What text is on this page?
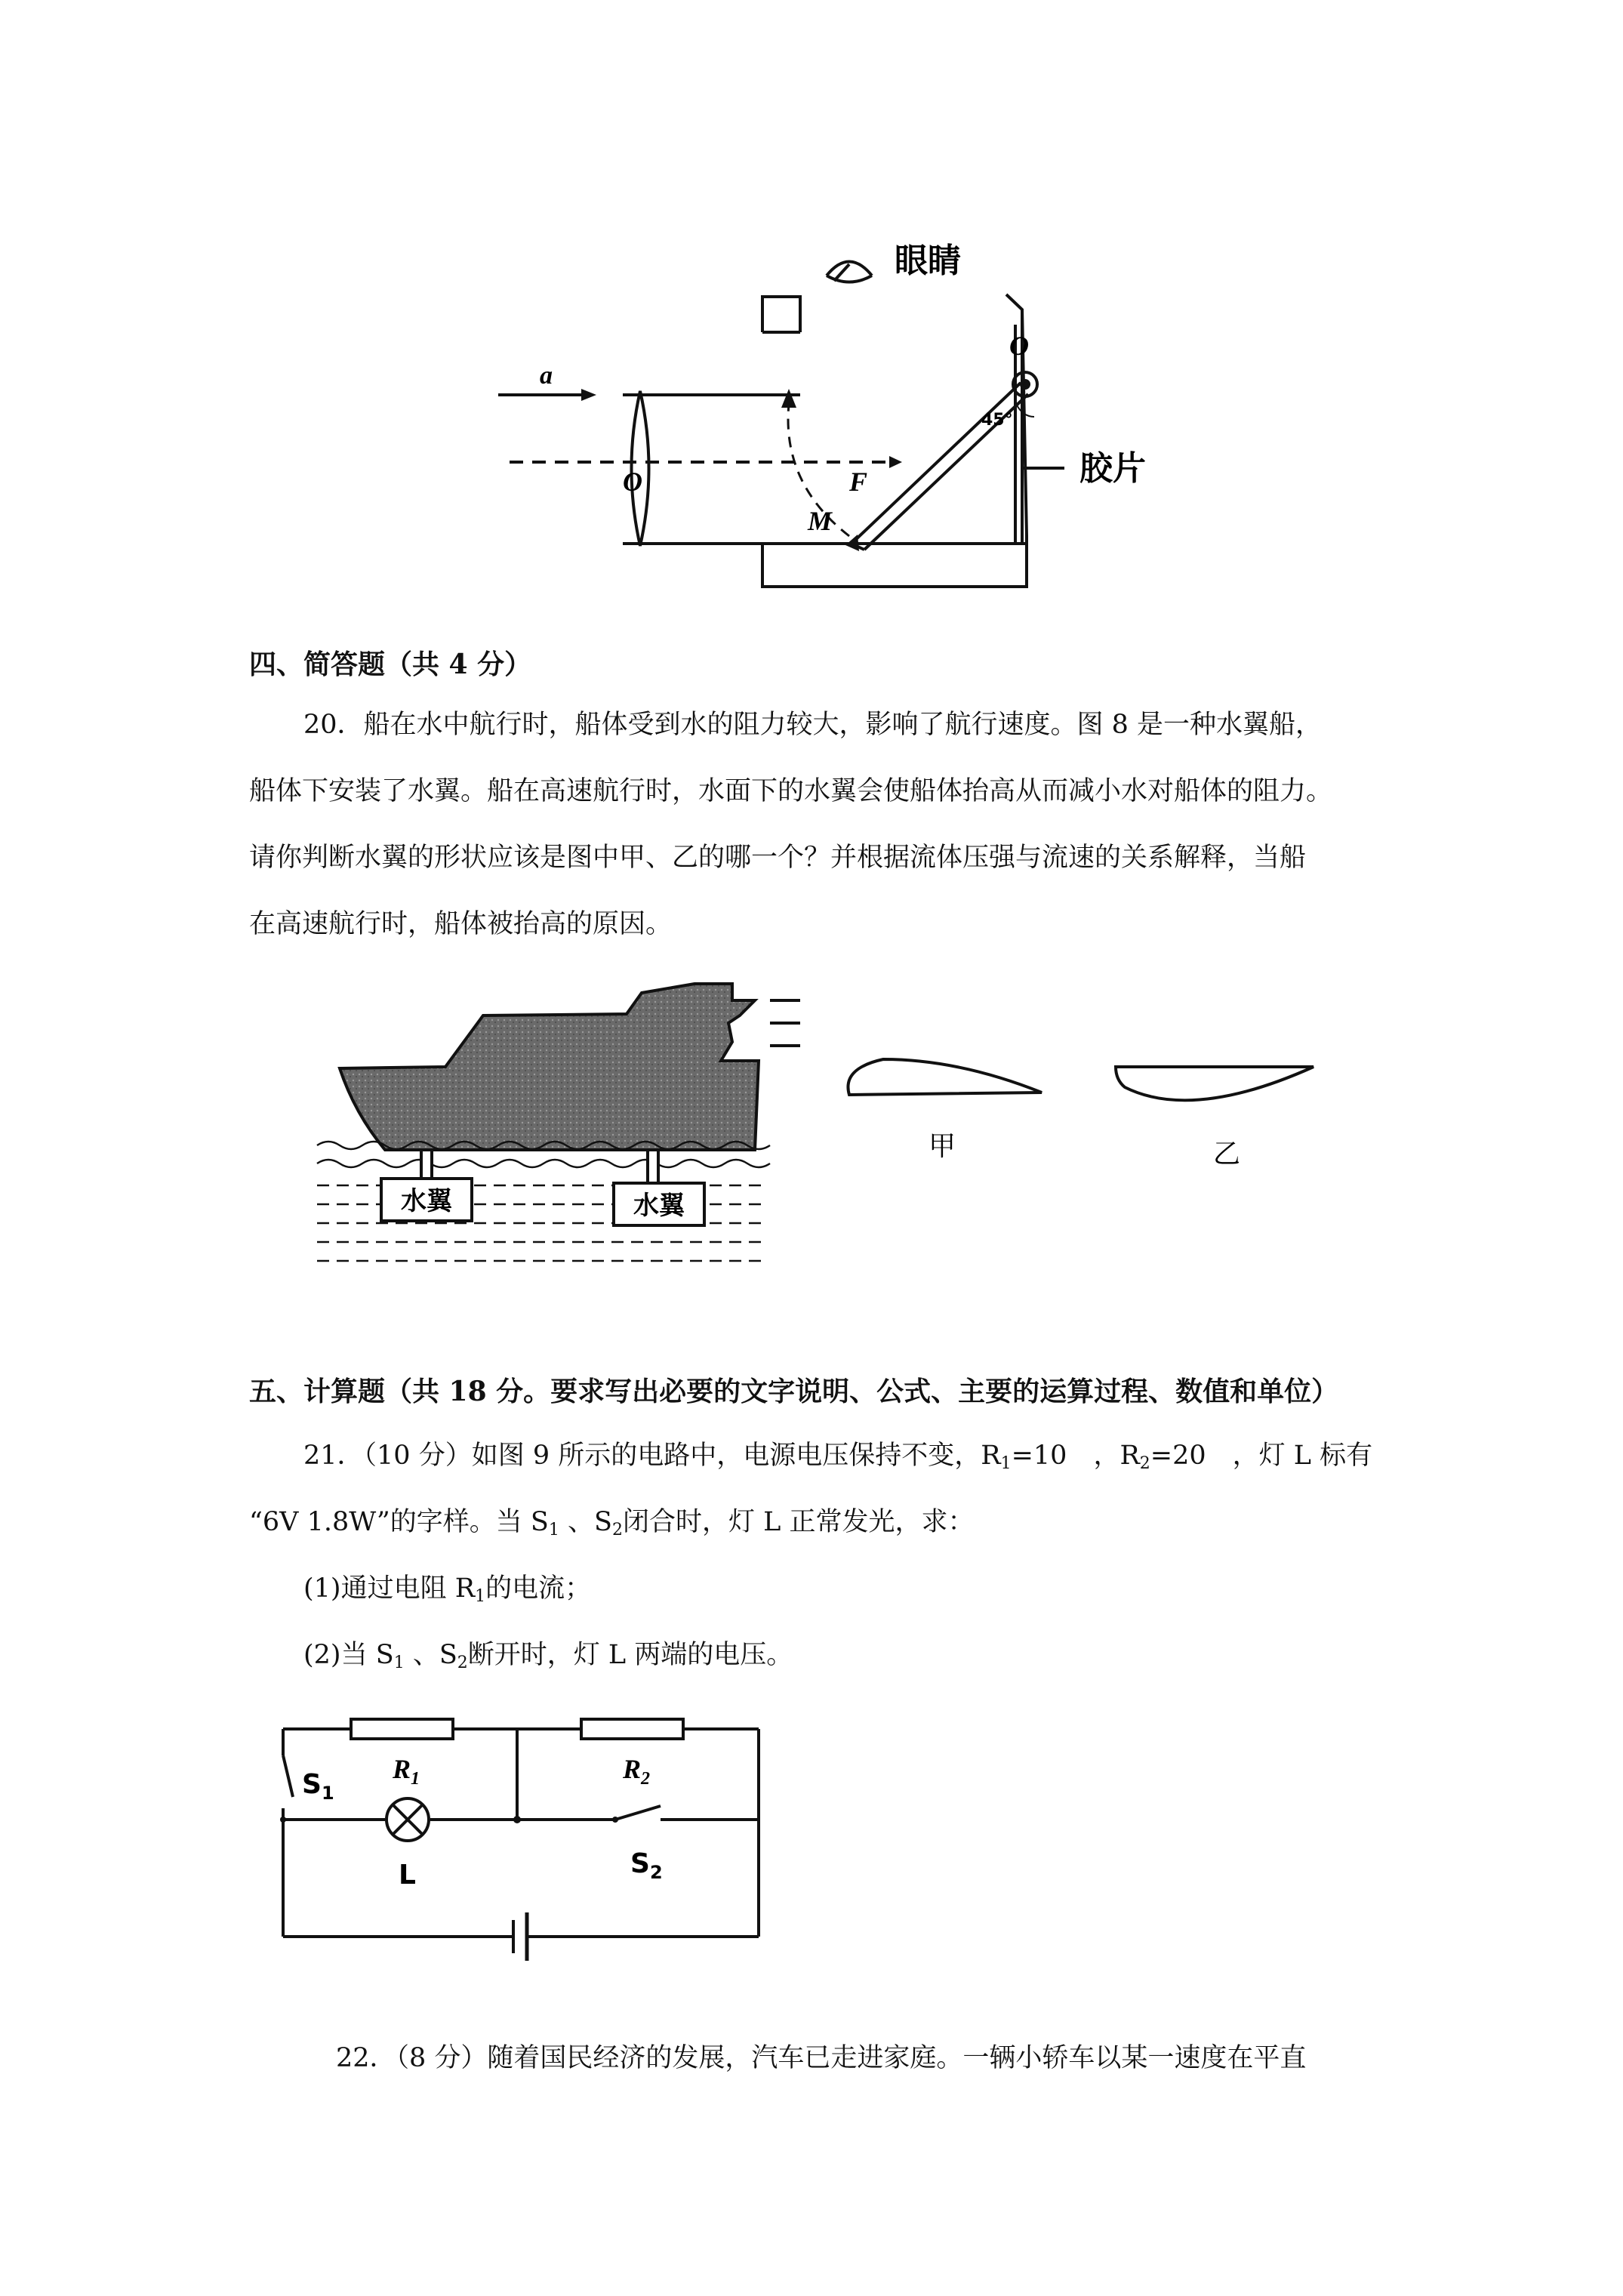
眼睛
胶片
a
O
O
F
M
45°
四、简答题（共 4 分）
20．船在水中航行时，船体受到水的阻力较大，影响了航行速度。图 8 是一种水翼船，
船体下安装了水翼。船在高速航行时，水面下的水翼会使船体抬高从而减小水对船体的阻力。
请你判断水翼的形状应该是图中甲、乙的哪一个？并根据流体压强与流速的关系解释，当船
在高速航行时，船体被抬高的原因。
水翼	水翼
甲	乙
五、计算题（共 18 分。要求写出必要的文字说明、公式、主要的运算过程、数值和单位）
21．（10 分）如图 9 所示的电路中，电源电压保持不变，$R_1=10$　，$R_2=20$　，灯 L 标有
“6V 1.8W”的字样。当 $S_1$ 、$S_2$闭合时，灯 L 正常发光，求：
(1)通过电阻 $R_1$的电流；
(2)当 $S_1$ 、$S_2$断开时，灯 L 两端的电压。
$R_1$	$R_2$
$S_1$
$S_2$
L
22．（8 分）随着国民经济的发展，汽车已走进家庭。一辆小轿车以某一速度在平直
